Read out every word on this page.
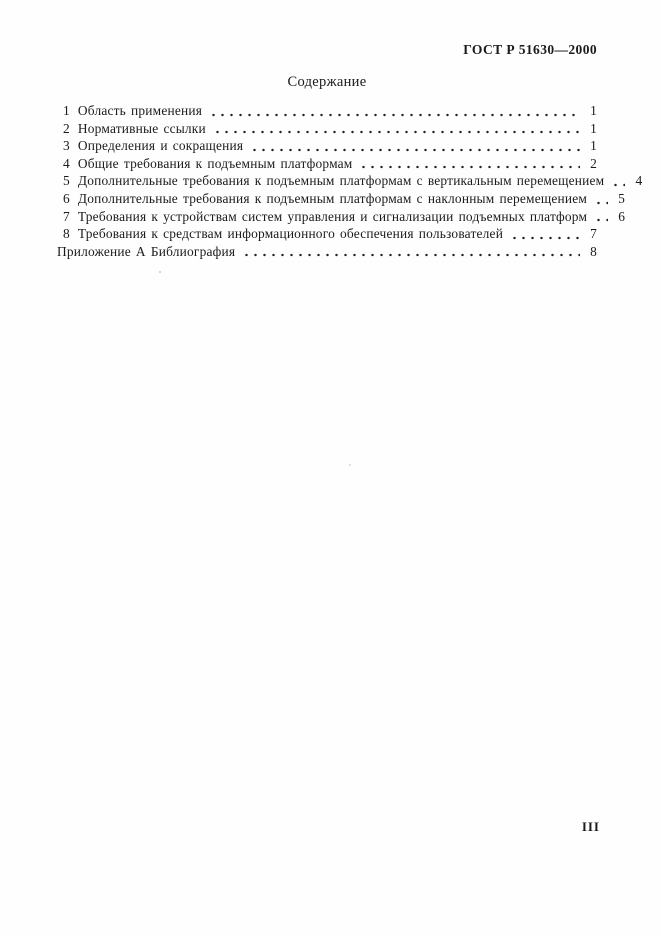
ГОСТ Р 51630—2000
Содержание
1 Область применения	1
2 Нормативные ссылки	1
3 Определения и сокращения	1
4 Общие требования к подъемным платформам	2
5 Дополнительные требования к подъемным платформам с вертикальным перемещением 4
6 Дополнительные требования к подъемным платформам с наклонным перемещением 5
7 Требования к устройствам систем управления и сигнализации подъемных платформ 6
8 Требования к средствам информационного обеспечения пользователей	7
Приложение А Библиография	8
III
